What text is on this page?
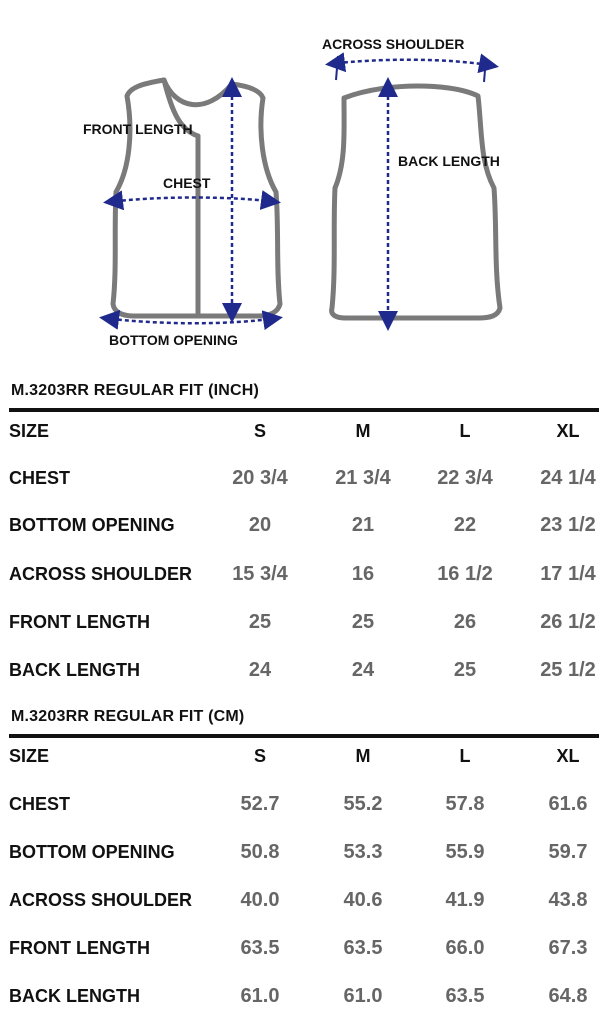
FRONT LENGTH
CHEST
BOTTOM OPENING
ACROSS SHOULDER
BACK LENGTH
M.3203RR REGULAR FIT (INCH)
SIZE	S	M	L	XL
CHEST	20 3/4	21 3/4	22 3/4	24 1/4
BOTTOM OPENING	20	21	22	23 1/2
ACROSS SHOULDER	15 3/4	16	16 1/2	17 1/4
FRONT LENGTH	25	25	26	26 1/2
BACK LENGTH	24	24	25	25 1/2
M.3203RR REGULAR FIT (CM)
SIZE	S	M	L	XL
CHEST	52.7	55.2	57.8	61.6
BOTTOM OPENING	50.8	53.3	55.9	59.7
ACROSS SHOULDER	40.0	40.6	41.9	43.8
FRONT LENGTH	63.5	63.5	66.0	67.3
BACK LENGTH	61.0	61.0	63.5	64.8
